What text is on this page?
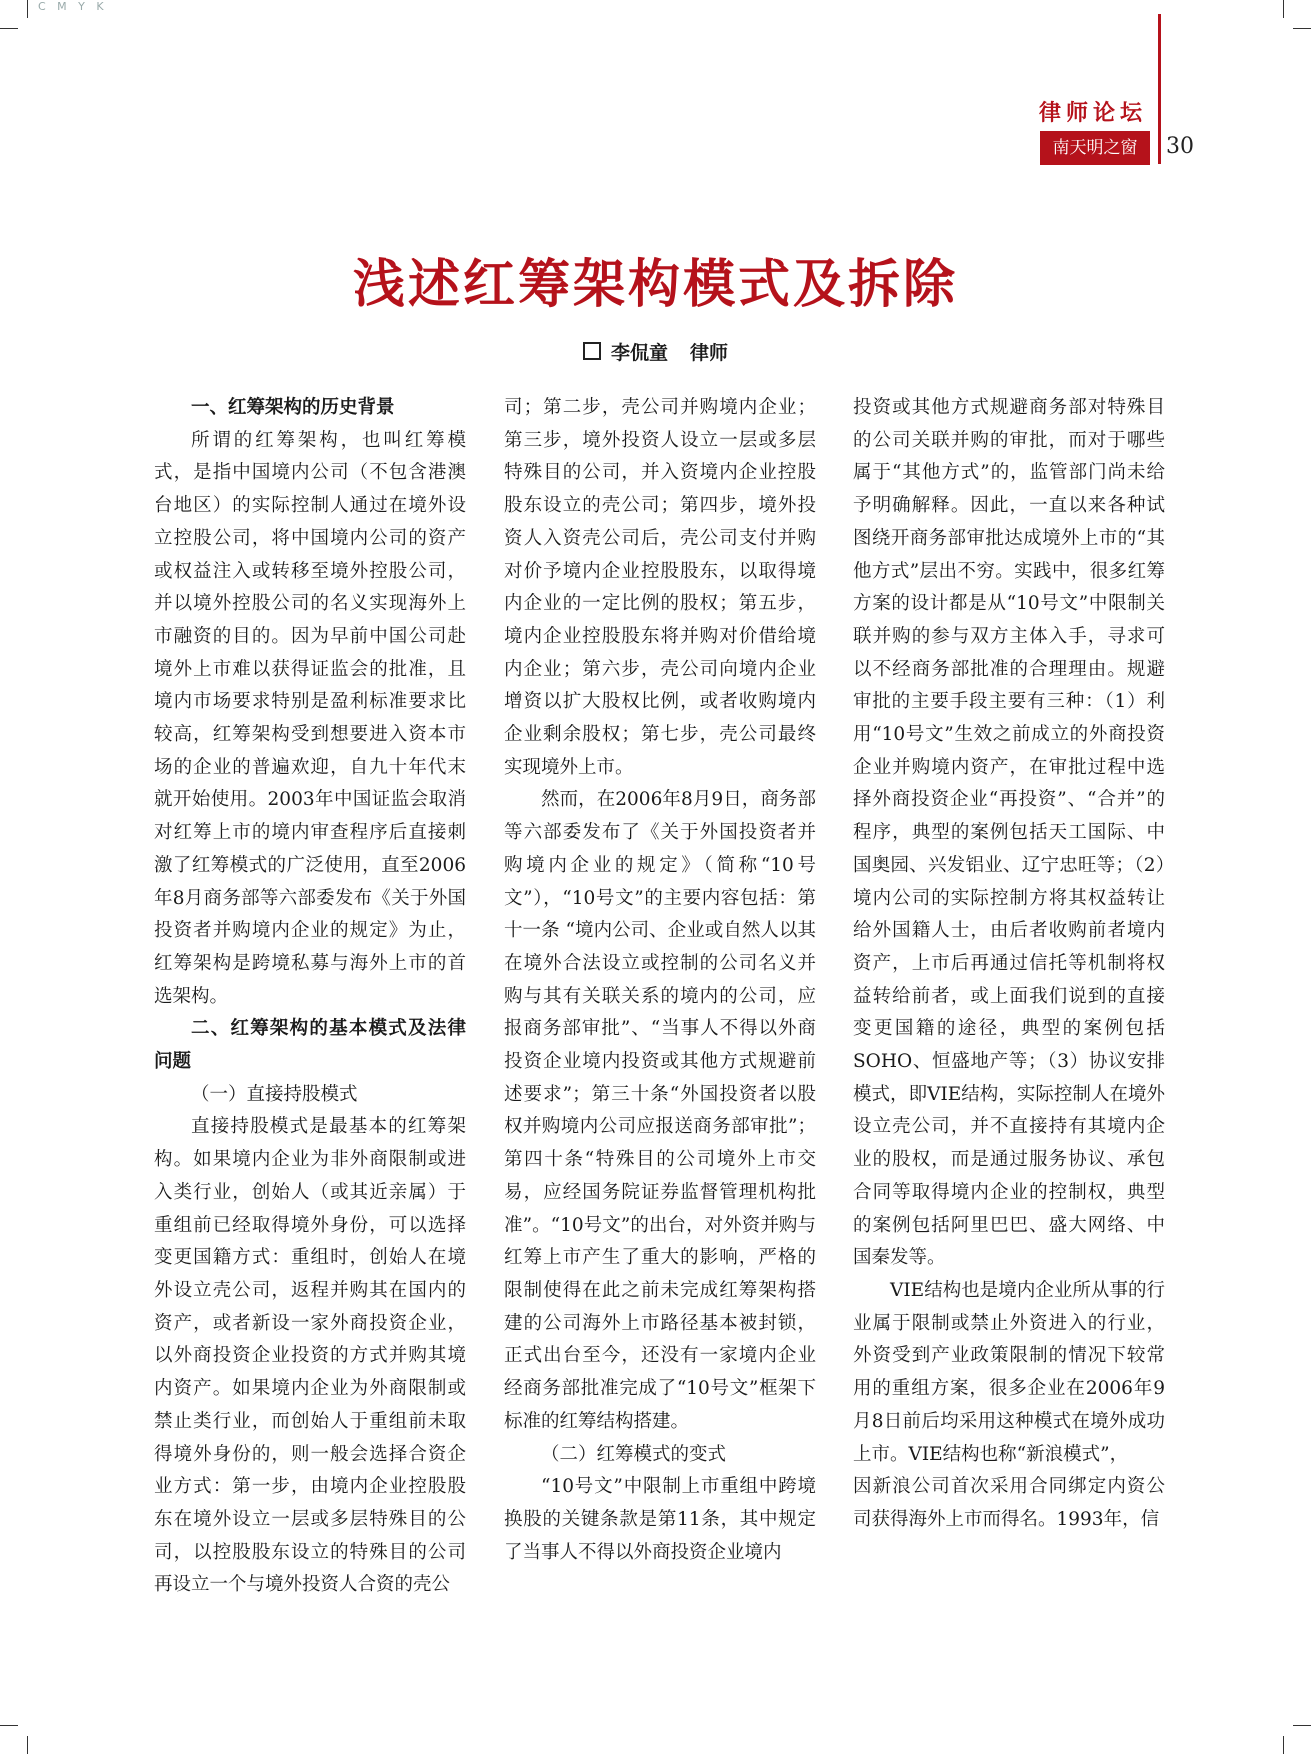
C M Y K
律师论坛
南天明之窗	30
浅述红筹架构模式及拆除
李侃童 律师

一、红筹架构的历史背景

所谓的红筹架构，也叫红筹模式，是指中国境内公司（不包含港澳台地区）的实际控制人通过在境外设立控股公司，将中国境内公司的资产或权益注入或转移至境外控股公司，并以境外控股公司的名义实现海外上市融资的目的。因为早前中国公司赴境外上市难以获得证监会的批准，且境内市场要求特别是盈利标准要求比较高，红筹架构受到想要进入资本市场的企业的普遍欢迎，自九十年代末就开始使用。2003年中国证监会取消对红筹上市的境内审查程序后直接刺激了红筹模式的广泛使用，直至2006年8月商务部等六部委发布《关于外国投资者并购境内企业的规定》为止，红筹架构是跨境私募与海外上市的首选架构。

二、红筹架构的基本模式及法律问题

（一）直接持股模式

直接持股模式是最基本的红筹架构。如果境内企业为非外商限制或进入类行业，创始人（或其近亲属）于重组前已经取得境外身份，可以选择变更国籍方式：重组时，创始人在境外设立壳公司，返程并购其在国内的资产，或者新设一家外商投资企业，以外商投资企业投资的方式并购其境内资产。如果境内企业为外商限制或禁止类行业，而创始人于重组前未取得境外身份的，则一般会选择合资企业方式：第一步，由境内企业控股股东在境外设立一层或多层特殊目的公司，以控股股东设立的特殊目的公司再设立一个与境外投资人合资的壳公

司；第二步，壳公司并购境内企业；第三步，境外投资人设立一层或多层特殊目的公司，并入资境内企业控股股东设立的壳公司；第四步，境外投资人入资壳公司后，壳公司支付并购对价予境内企业控股股东，以取得境内企业的一定比例的股权；第五步，境内企业控股股东将并购对价借给境内企业；第六步，壳公司向境内企业增资以扩大股权比例，或者收购境内企业剩余股权；第七步，壳公司最终实现境外上市。

然而，在2006年8月9日，商务部等六部委发布了《关于外国投资者并购境内企业的规定》（简称“10号文”），“10号文”的主要内容包括：第十一条 “境内公司、企业或自然人以其在境外合法设立或控制的公司名义并购与其有关联关系的境内的公司，应报商务部审批”、“当事人不得以外商投资企业境内投资或其他方式规避前述要求”；第三十条“外国投资者以股权并购境内公司应报送商务部审批”；第四十条“特殊目的公司境外上市交易，应经国务院证券监督管理机构批准”。“10号文”的出台，对外资并购与红筹上市产生了重大的影响，严格的限制使得在此之前未完成红筹架构搭建的公司海外上市路径基本被封锁，正式出台至今，还没有一家境内企业经商务部批准完成了“10号文”框架下标准的红筹结构搭建。

（二）红筹模式的变式

“10号文”中限制上市重组中跨境换股的关键条款是第11条，其中规定了当事人不得以外商投资企业境内

投资或其他方式规避商务部对特殊目的公司关联并购的审批，而对于哪些属于“其他方式”的，监管部门尚未给予明确解释。因此，一直以来各种试图绕开商务部审批达成境外上市的“其他方式”层出不穷。实践中，很多红筹方案的设计都是从“10号文”中限制关联并购的参与双方主体入手，寻求可以不经商务部批准的合理理由。规避审批的主要手段主要有三种：（1）利用“10号文”生效之前成立的外商投资企业并购境内资产，在审批过程中选择外商投资企业“再投资”、“合并”的程序，典型的案例包括天工国际、中国奥园、兴发铝业、辽宁忠旺等；（2）境内公司的实际控制方将其权益转让给外国籍人士，由后者收购前者境内资产，上市后再通过信托等机制将权益转给前者，或上面我们说到的直接变更国籍的途径，典型的案例包括SOHO、恒盛地产等；（3）协议安排模式，即VIE结构，实际控制人在境外设立壳公司，并不直接持有其境内企业的股权，而是通过服务协议、承包合同等取得境内企业的控制权，典型的案例包括阿里巴巴、盛大网络、中国秦发等。

VIE结构也是境内企业所从事的行业属于限制或禁止外资进入的行业，外资受到产业政策限制的情况下较常用的重组方案，很多企业在2006年9月8日前后均采用这种模式在境外成功上市。VIE结构也称“新浪模式”，

因新浪公司首次采用合同绑定内资公司获得海外上市而得名。1993年，信
